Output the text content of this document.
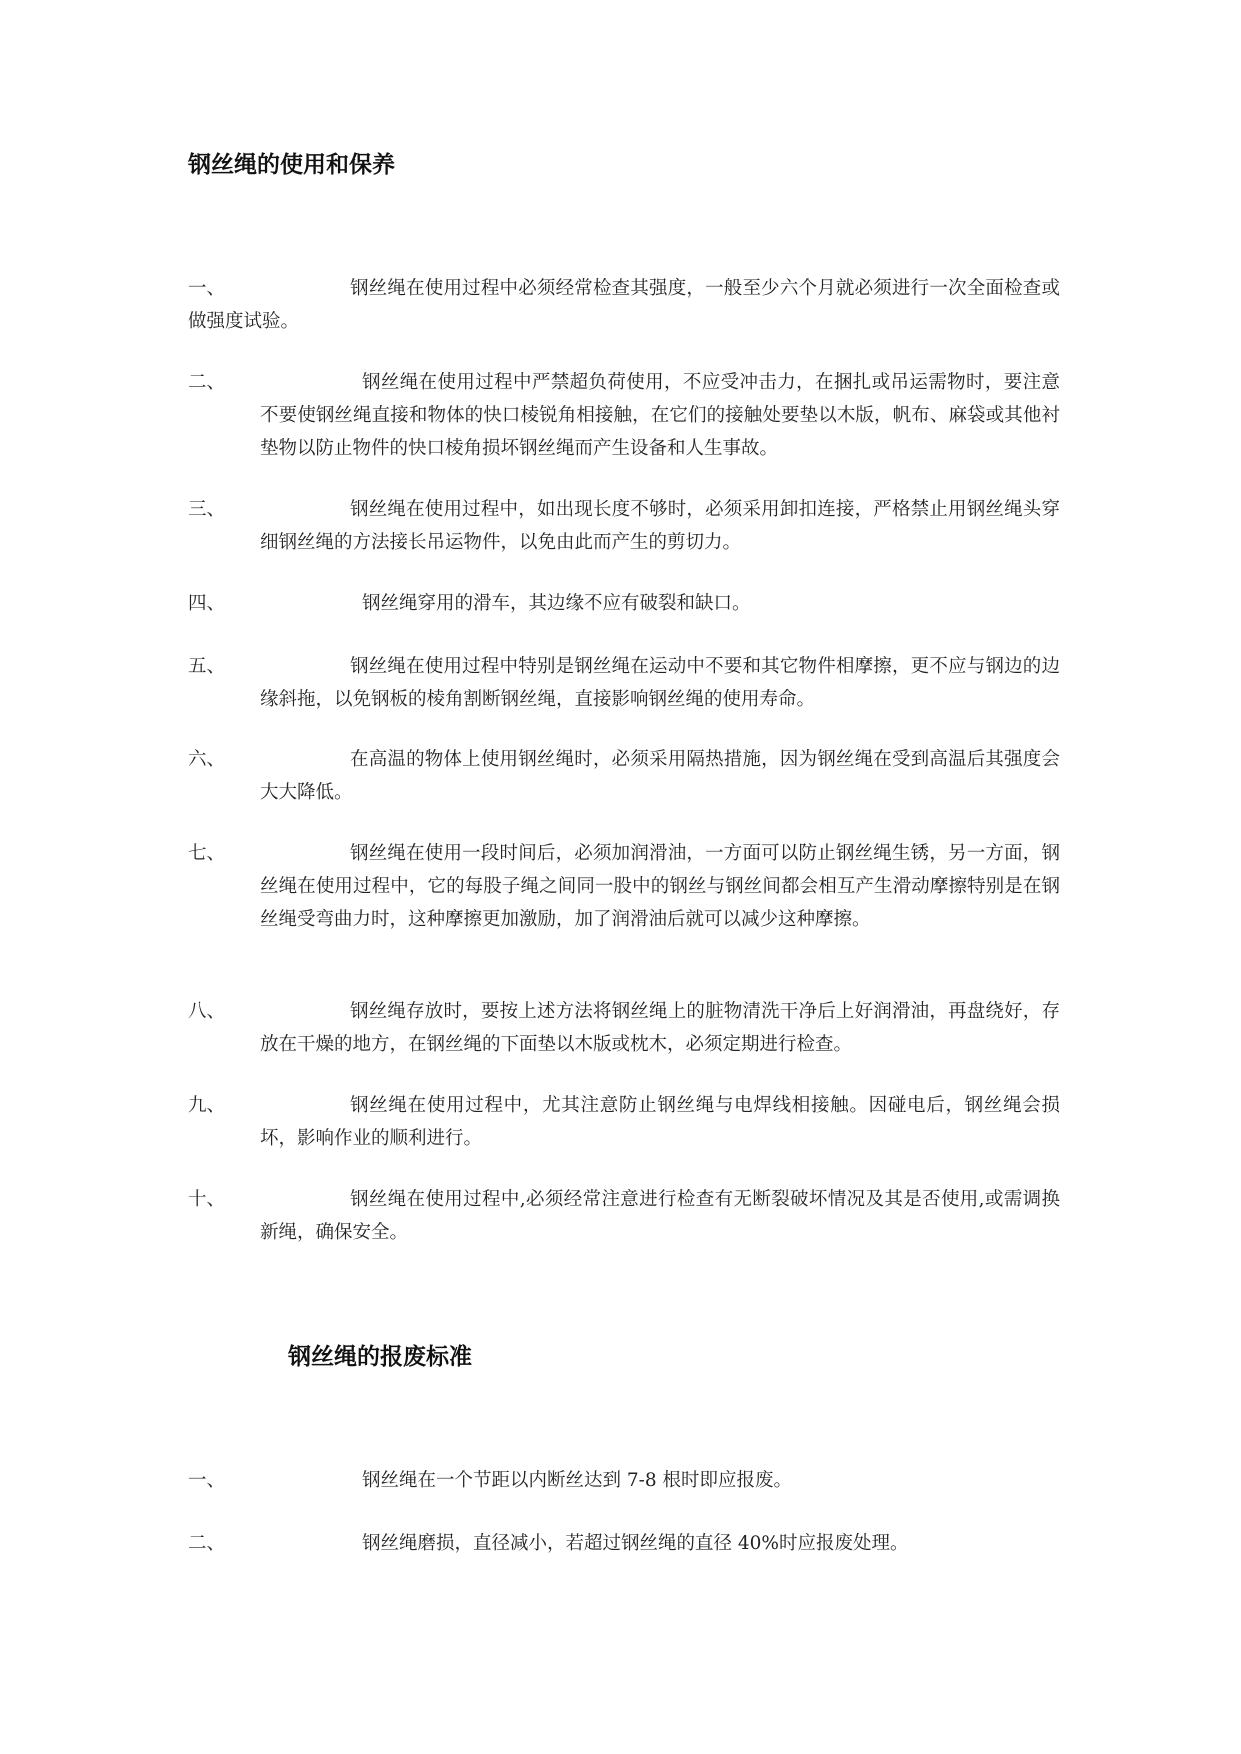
钢丝绳的使用和保养
一、	钢丝绳在使用过程中必须经常检查其强度，一般至少六个月就必须进行一次全面检查或做强度试验。
二、	钢丝绳在使用过程中严禁超负荷使用，不应受冲击力，在捆扎或吊运需物时，要注意不要使钢丝绳直接和物体的快口棱锐角相接触，在它们的接触处要垫以木版，帆布、麻袋或其他衬垫物以防止物件的快口棱角损坏钢丝绳而产生设备和人生事故。
三、	钢丝绳在使用过程中，如出现长度不够时，必须采用卸扣连接，严格禁止用钢丝绳头穿细钢丝绳的方法接长吊运物件，以免由此而产生的剪切力。
四、	钢丝绳穿用的滑车，其边缘不应有破裂和缺口。
五、	钢丝绳在使用过程中特别是钢丝绳在运动中不要和其它物件相摩擦，更不应与钢边的边缘斜拖，以免钢板的棱角割断钢丝绳，直接影响钢丝绳的使用寿命。
六、	在高温的物体上使用钢丝绳时，必须采用隔热措施，因为钢丝绳在受到高温后其强度会大大降低。
七、	钢丝绳在使用一段时间后，必须加润滑油，一方面可以防止钢丝绳生锈，另一方面，钢丝绳在使用过程中，它的每股子绳之间同一股中的钢丝与钢丝间都会相互产生滑动摩擦特别是在钢丝绳受弯曲力时，这种摩擦更加激励，加了润滑油后就可以减少这种摩擦。
八、	钢丝绳存放时，要按上述方法将钢丝绳上的脏物清洗干净后上好润滑油，再盘绕好，存放在干燥的地方，在钢丝绳的下面垫以木版或枕木，必须定期进行检查。
九、	钢丝绳在使用过程中，尤其注意防止钢丝绳与电焊线相接触。因碰电后，钢丝绳会损坏，影响作业的顺利进行。
十、	钢丝绳在使用过程中,必须经常注意进行检查有无断裂破坏情况及其是否使用,或需调换新绳，确保安全。
钢丝绳的报废标准
一、	钢丝绳在一个节距以内断丝达到 7-8 根时即应报废。
二、	钢丝绳磨损，直径减小，若超过钢丝绳的直径 40%时应报废处理。
